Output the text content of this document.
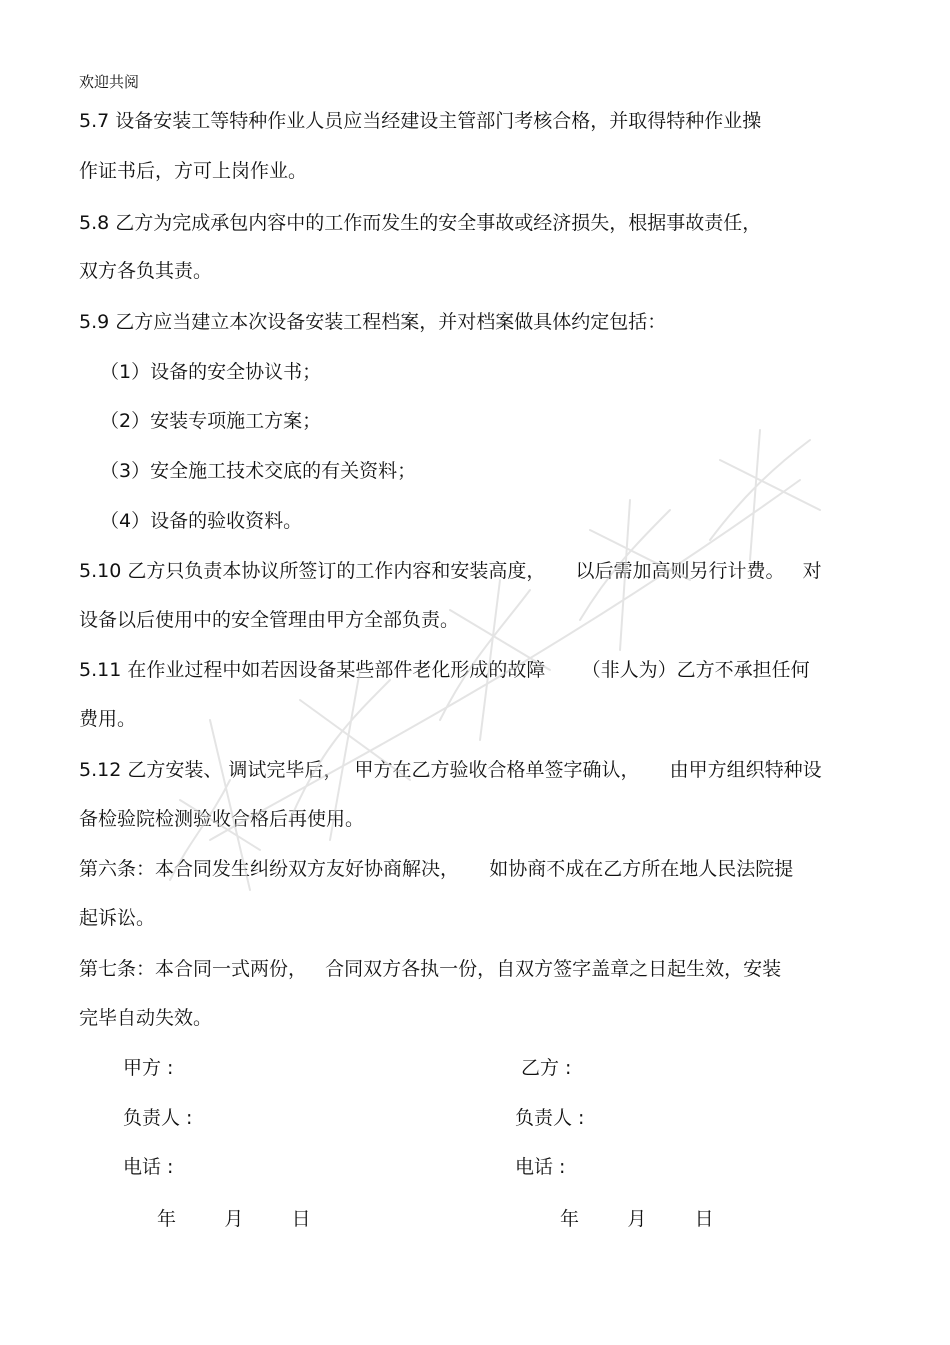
欢迎共阅
5.7 设备安装工等特种作业人员应当经建设主管部门考核合格，并取得特种作业操
作证书后，方可上岗作业。
5.8 乙方为完成承包内容中的工作而发生的安全事故或经济损失，根据事故责任，
双方各负其责。
5.9 乙方应当建立本次设备安装工程档案，并对档案做具体约定包括：
（1）设备的安全协议书；
（2）安装专项施工方案；
（3）安全施工技术交底的有关资料；
（4）设备的验收资料。
5.10 乙方只负责本协议所签订的工作内容和安装高度，     以后需加高则另行计费。   对
设备以后使用中的安全管理由甲方全部负责。
5.11 在作业过程中如若因设备某些部件老化形成的故障      （非人为）乙方不承担任何
费用。
5.12 乙方安装、 调试完毕后，  甲方在乙方验收合格单签字确认，     由甲方组织特种设
备检验院检测验收合格后再使用。
第六条：本合同发生纠纷双方友好协商解决，     如协商不成在乙方所在地人民法院提
起诉讼。
第七条：本合同一式两份，   合同双方各执一份，自双方签字盖章之日起生效，安装
完毕自动失效。
甲方 :	乙方 :
负责人 :	负责人 :
电话 :	电话 :
年        月        日	年        月        日
